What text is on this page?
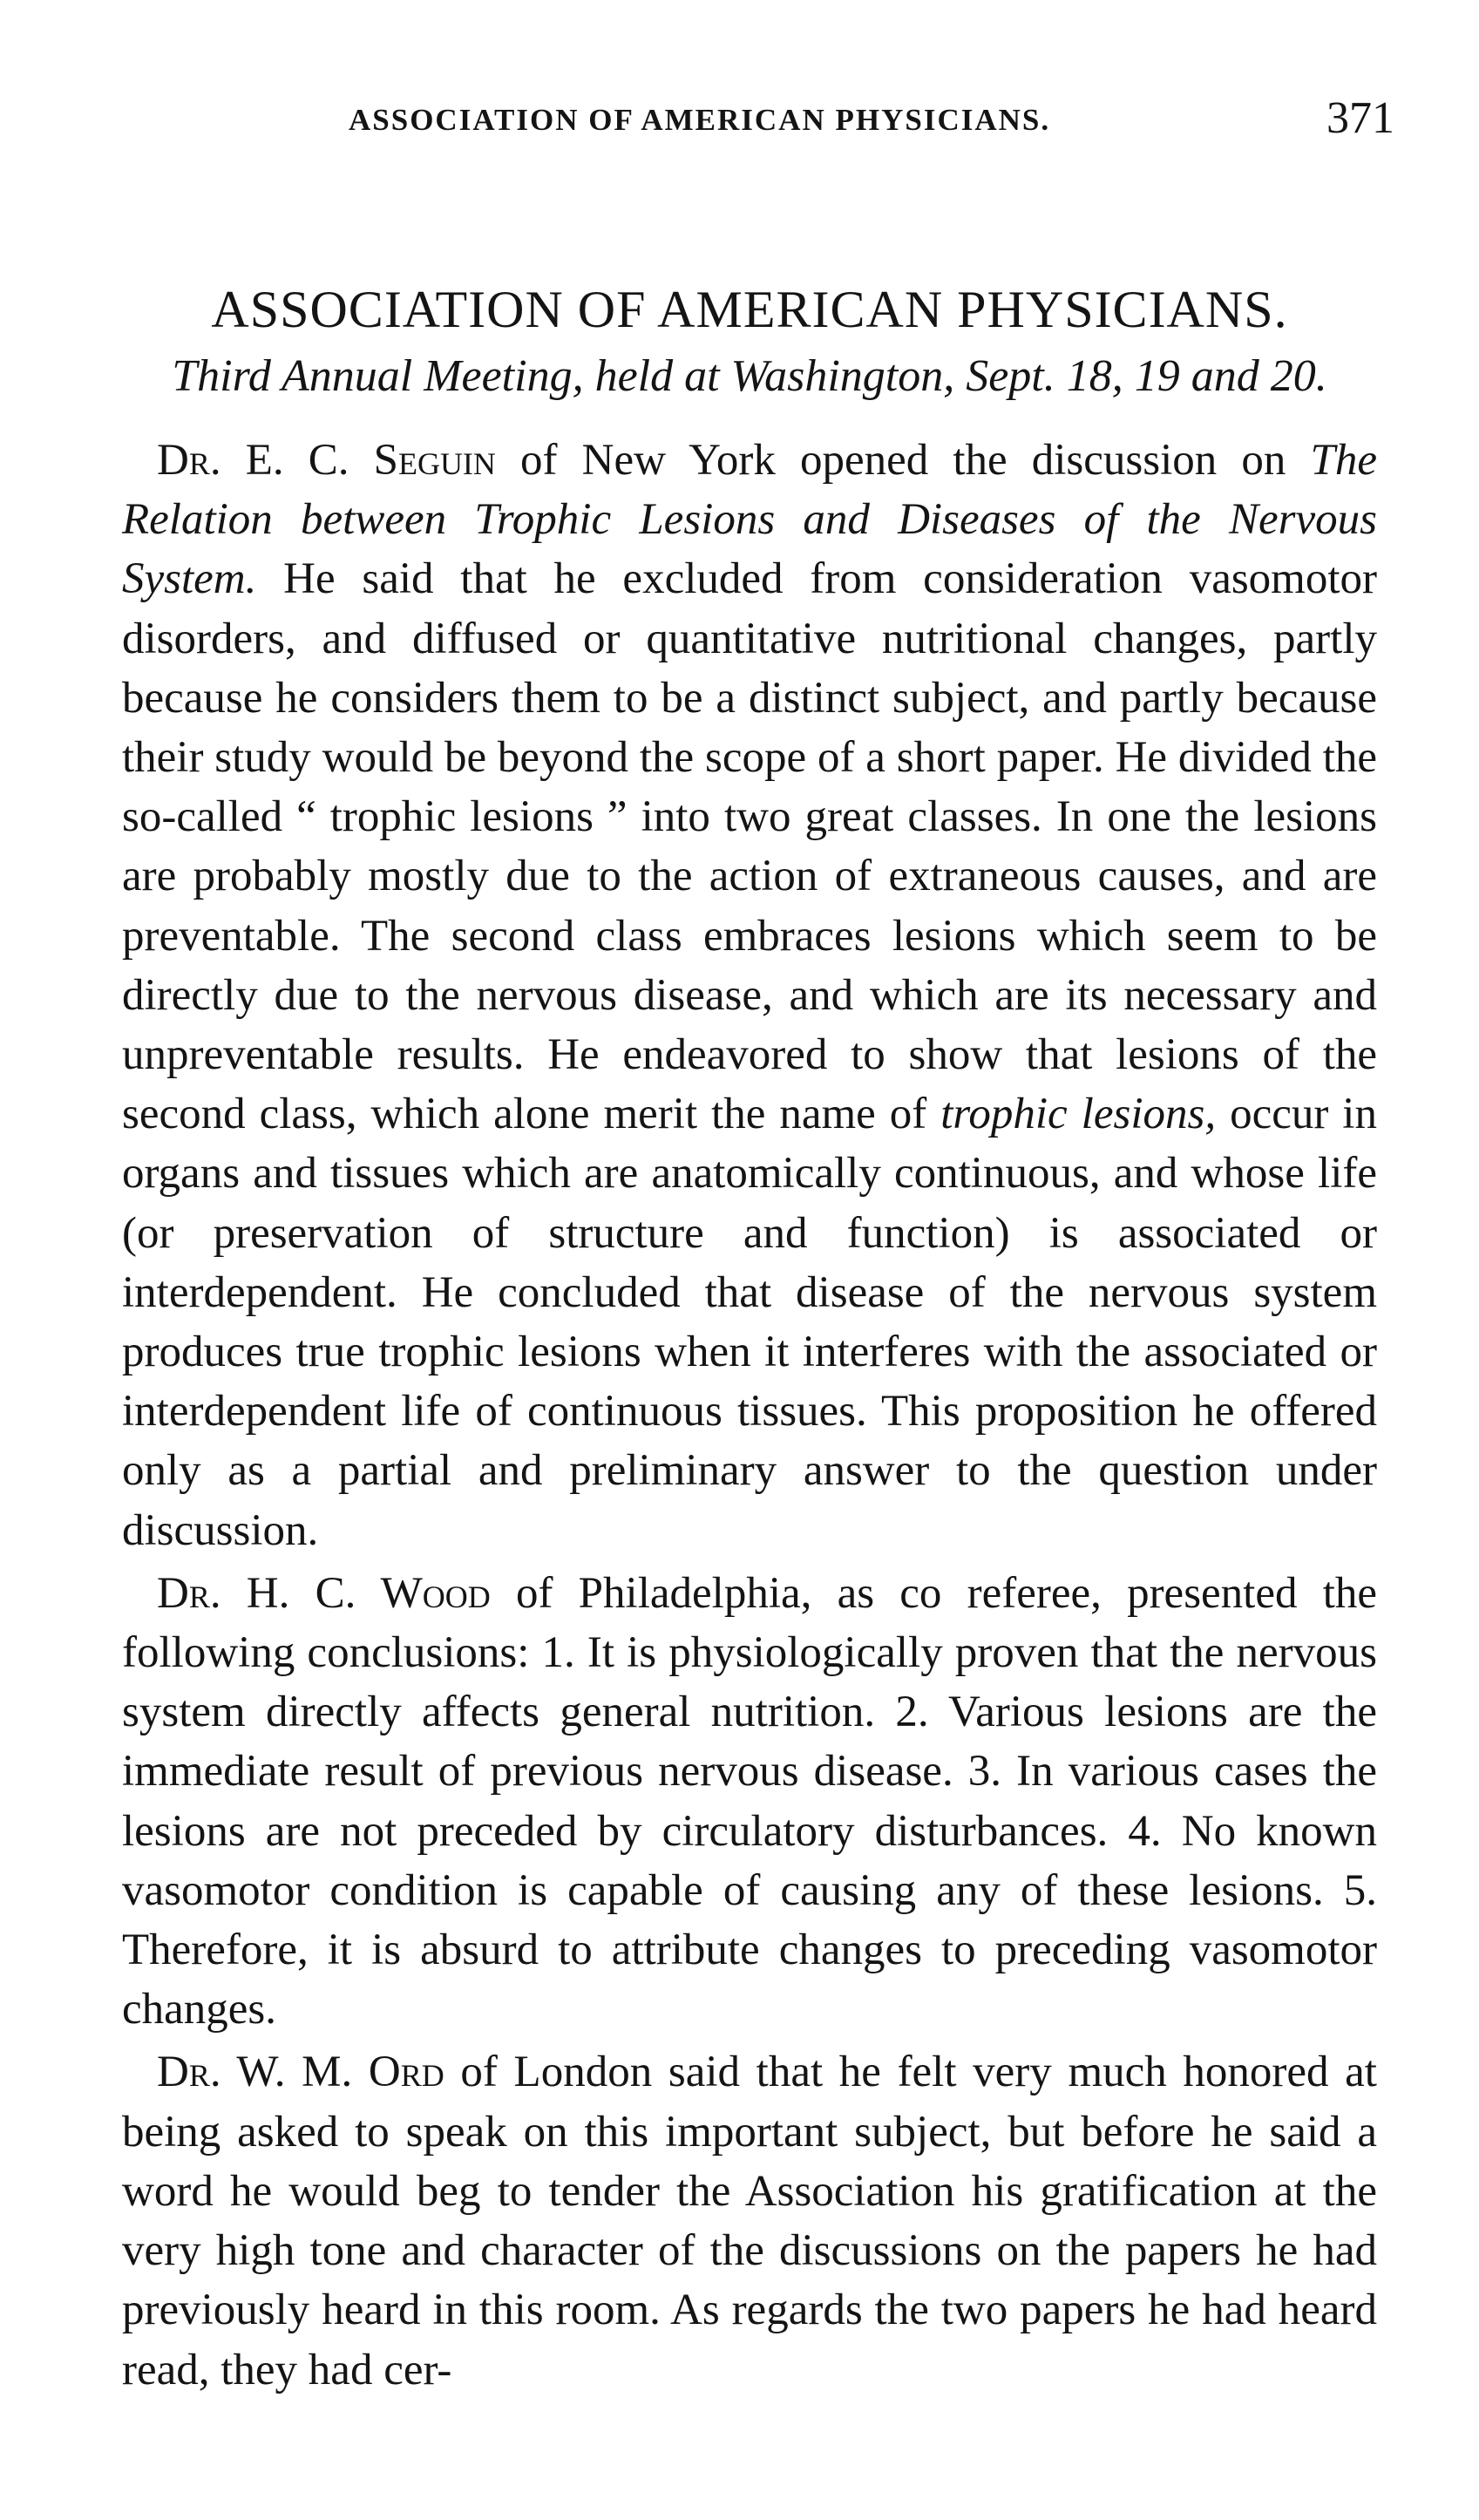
ASSOCIATION OF AMERICAN PHYSICIANS.	371
ASSOCIATION OF AMERICAN PHYSICIANS.
Third Annual Meeting, held at Washington, Sept. 18, 19 and 20.

Dr. E. C. Seguin of New York opened the discussion on The Relation between Trophic Lesions and Diseases of the Nervous System. He said that he excluded from consideration vasomotor disorders, and diffused or quantitative nutritional changes, partly because he considers them to be a distinct subject, and partly because their study would be beyond the scope of a short paper. He divided the so-called “ trophic lesions ” into two great classes. In one the lesions are probably mostly due to the action of extraneous causes, and are preventable. The second class embraces lesions which seem to be directly due to the nervous disease, and which are its necessary and unpreventable results. He endeavored to show that lesions of the second class, which alone merit the name of trophic lesions, occur in organs and tissues which are anatomically continuous, and whose life (or preservation of structure and function) is associated or interdependent. He concluded that disease of the nervous system produces true trophic lesions when it interferes with the associated or interdependent life of continuous tissues. This proposition he offered only as a partial and preliminary answer to the question under discussion.

Dr. H. C. Wood of Philadelphia, as co referee, presented the following conclusions: 1. It is physiologically proven that the nervous system directly affects general nutrition. 2. Various lesions are the immediate result of previous nervous disease. 3. In various cases the lesions are not preceded by circulatory disturbances. 4. No known vasomotor condition is capable of causing any of these lesions. 5. Therefore, it is absurd to attribute changes to preceding vasomotor changes.

Dr. W. M. Ord of London said that he felt very much honored at being asked to speak on this important subject, but before he said a word he would beg to tender the Association his gratification at the very high tone and character of the discussions on the papers he had previously heard in this room. As regards the two papers he had heard read, they had cer-
